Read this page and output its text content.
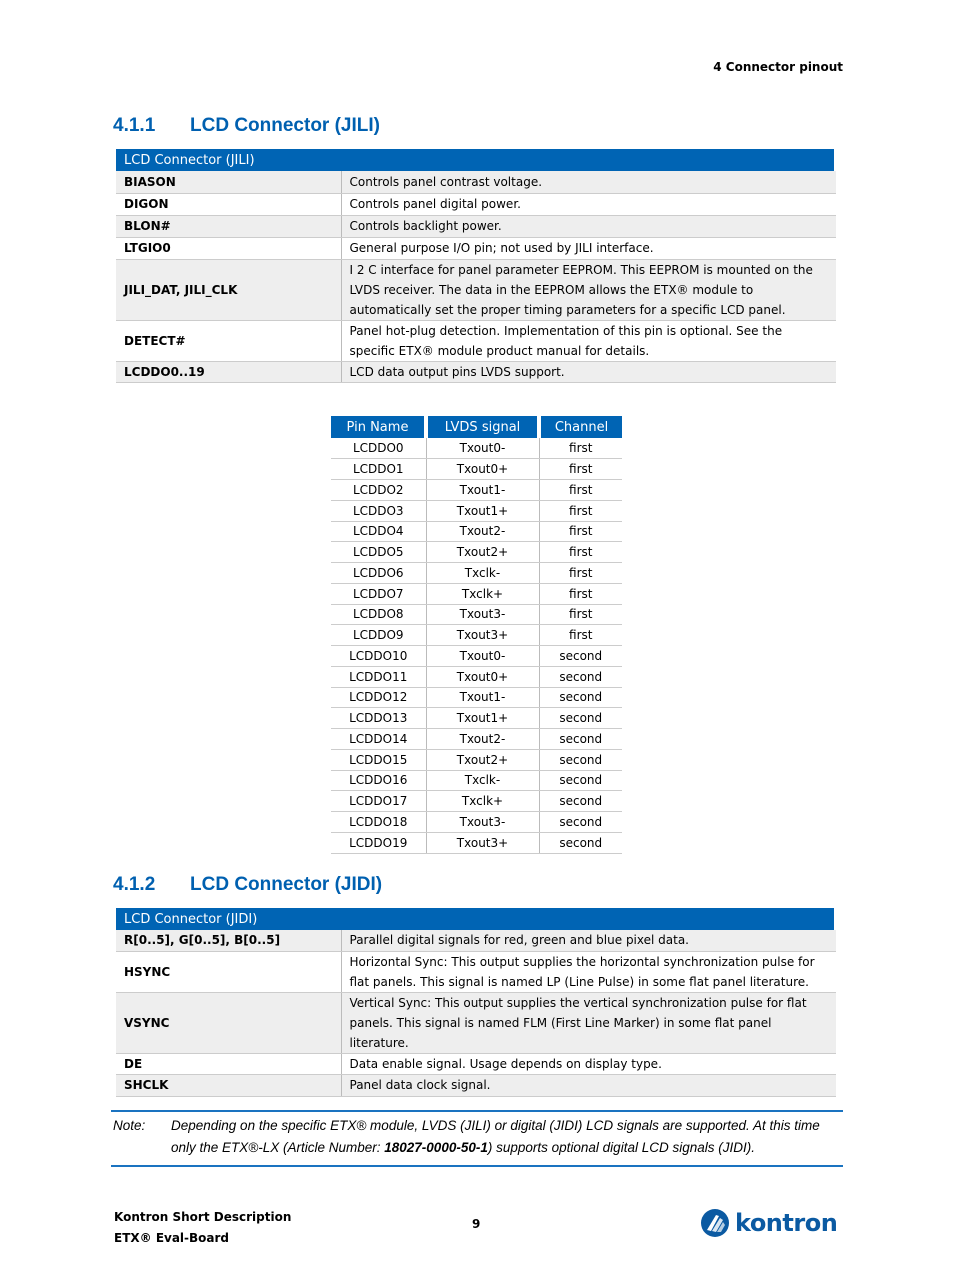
4 Connector pinout
4.1.1 LCD Connector (JILI)
LCD Connector (JILI)	
BIASON	Controls panel contrast voltage.
DIGON	Controls panel digital power.
BLON#	Controls backlight power.
LTGIO0	General purpose I/O pin; not used by JILI interface.
JILI_DAT, JILI_CLK	I 2 C interface for panel parameter EEPROM. This EEPROM is mounted on the LVDS receiver. The data in the EEPROM allows the ETX® module to automatically set the proper timing parameters for a specific LCD panel.
DETECT#	Panel hot-plug detection. Implementation of this pin is optional. See the specific ETX® module product manual for details.
LCDDO0..19	LCD data output pins LVDS support.
Pin Name	LVDS signal	Channel
LCDDO0	Txout0-	first
LCDDO1	Txout0+	first
LCDDO2	Txout1-	first
LCDDO3	Txout1+	first
LCDDO4	Txout2-	first
LCDDO5	Txout2+	first
LCDDO6	Txclk-	first
LCDDO7	Txclk+	first
LCDDO8	Txout3-	first
LCDDO9	Txout3+	first
LCDDO10	Txout0-	second
LCDDO11	Txout0+	second
LCDDO12	Txout1-	second
LCDDO13	Txout1+	second
LCDDO14	Txout2-	second
LCDDO15	Txout2+	second
LCDDO16	Txclk-	second
LCDDO17	Txclk+	second
LCDDO18	Txout3-	second
LCDDO19	Txout3+	second
4.1.2 LCD Connector (JIDI)
LCD Connector (JIDI)	
R[0..5], G[0..5], B[0..5]	Parallel digital signals for red, green and blue pixel data.
HSYNC	Horizontal Sync: This output supplies the horizontal synchronization pulse for flat panels. This signal is named LP (Line Pulse) in some flat panel literature.
VSYNC	Vertical Sync: This output supplies the vertical synchronization pulse for flat panels. This signal is named FLM (First Line Marker) in some flat panel literature.
DE	Data enable signal. Usage depends on display type.
SHCLK	Panel data clock signal.
Note: Depending on the specific ETX® module, LVDS (JILI) or digital (JIDI) LCD signals are supported. At this time only the ETX®-LX (Article Number: 18027-0000-50-1) supports optional digital LCD signals (JIDI).
Kontron Short Description
ETX® Eval-Board
9	kontron
